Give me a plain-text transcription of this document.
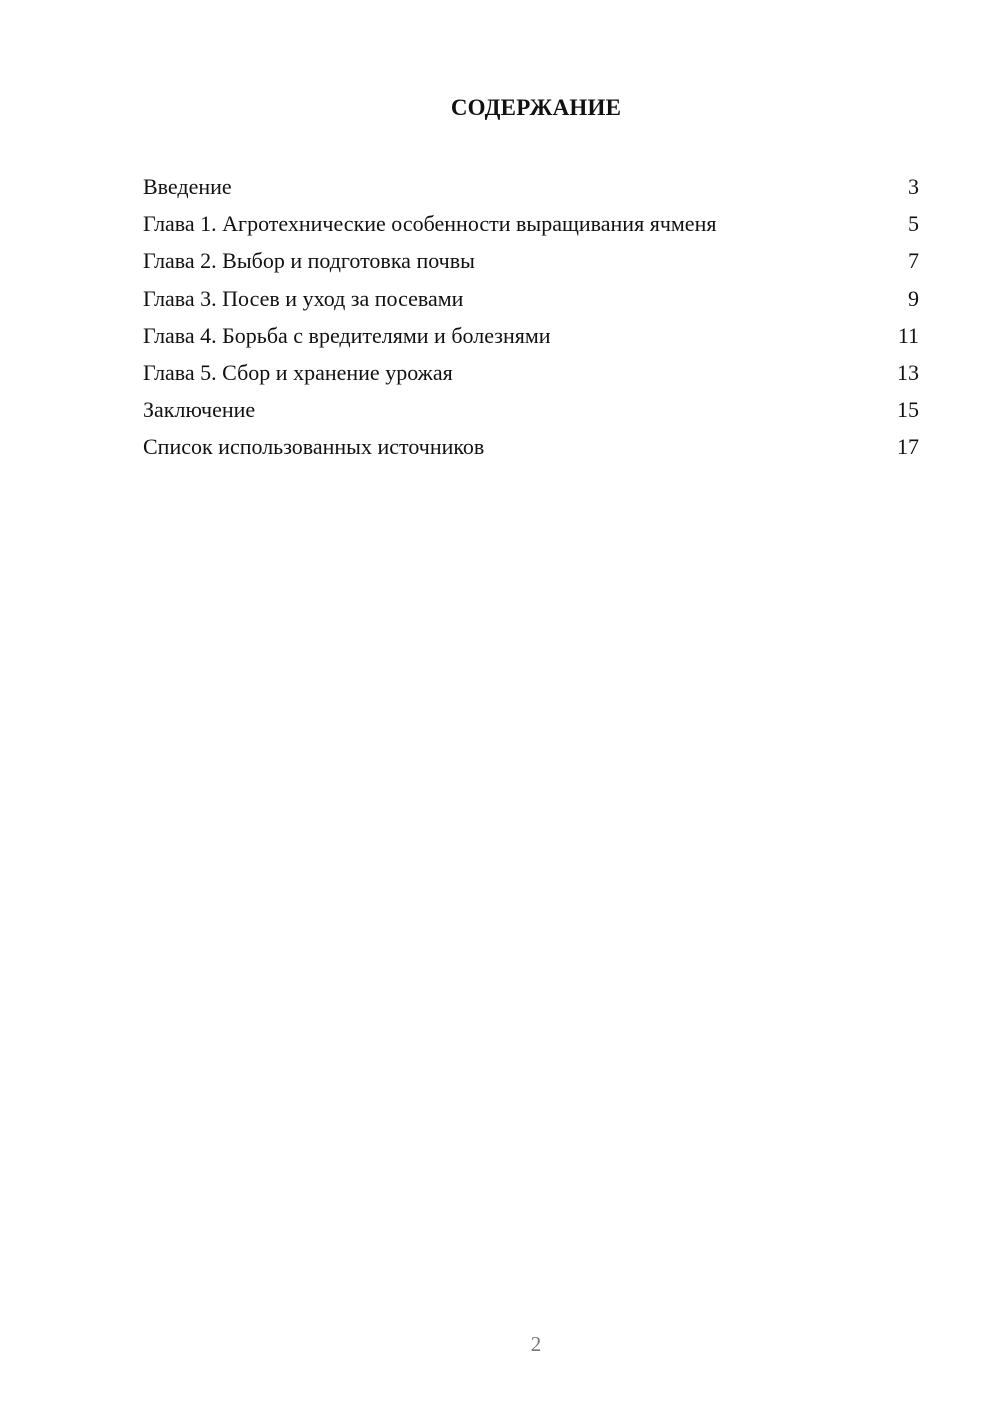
СОДЕРЖАНИЕ
Введение	3
Глава 1. Агротехнические особенности выращивания ячменя	5
Глава 2. Выбор и подготовка почвы	7
Глава 3. Посев и уход за посевами	9
Глава 4. Борьба с вредителями и болезнями	11
Глава 5. Сбор и хранение урожая	13
Заключение	15
Список использованных источников	17
2
